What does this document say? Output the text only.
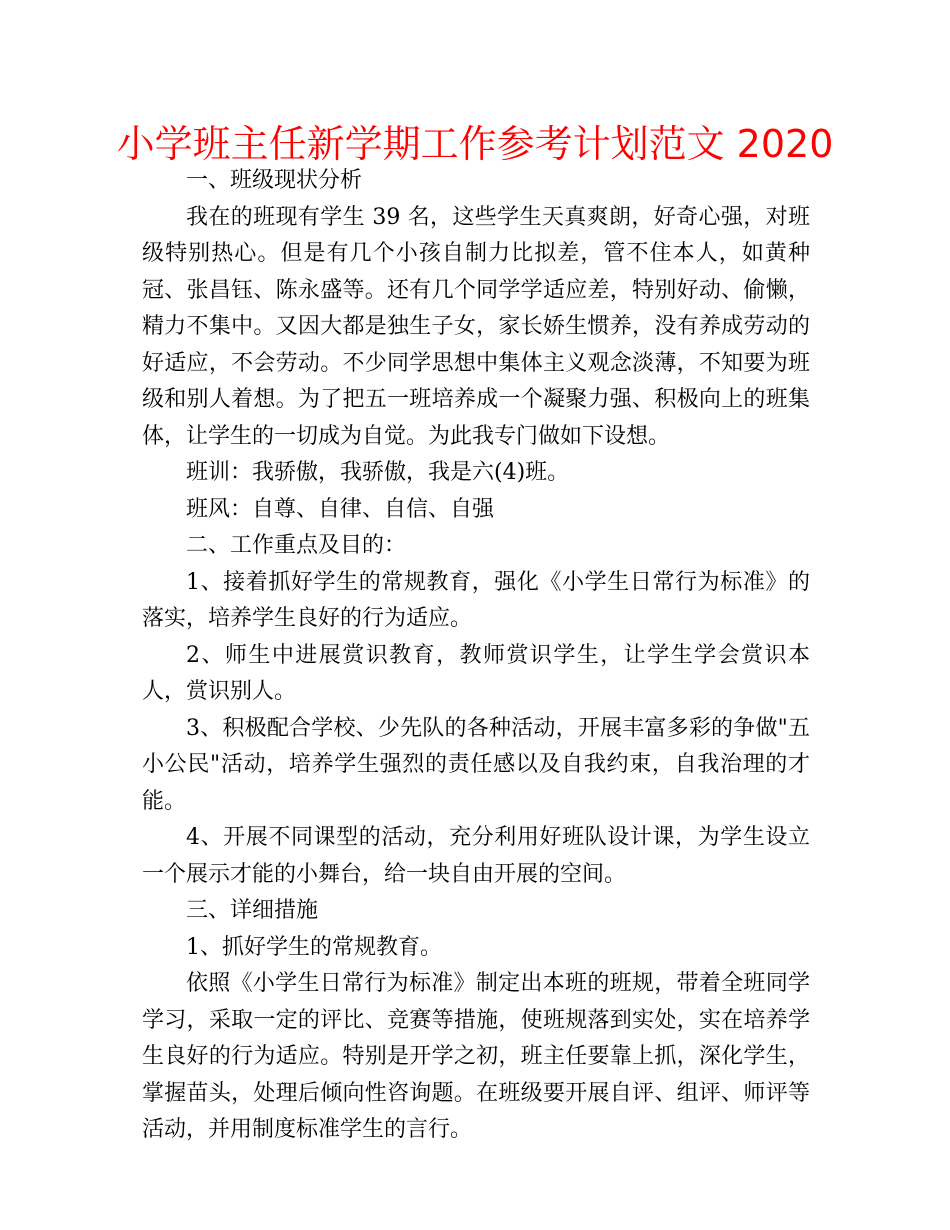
小学班主任新学期工作参考计划范文 2020

一、班级现状分析

我在的班现有学生 39 名，这些学生天真爽朗，好奇心强，对班级特别热心。但是有几个小孩自制力比拟差，管不住本人，如黄种冠、张昌钰、陈永盛等。还有几个同学学适应差，特别好动、偷懒，精力不集中。又因大都是独生子女，家长娇生惯养，没有养成劳动的好适应，不会劳动。不少同学思想中集体主义观念淡薄，不知要为班级和别人着想。为了把五一班培养成一个凝聚力强、积极向上的班集体，让学生的一切成为自觉。为此我专门做如下设想。

班训：我骄傲，我骄傲，我是六(4)班。

班风：自尊、自律、自信、自强

二、工作重点及目的：

1、接着抓好学生的常规教育，强化《小学生日常行为标准》的落实，培养学生良好的行为适应。

2、师生中进展赏识教育，教师赏识学生，让学生学会赏识本人，赏识别人。

3、积极配合学校、少先队的各种活动，开展丰富多彩的争做"五小公民"活动，培养学生强烈的责任感以及自我约束，自我治理的才能。

4、开展不同课型的活动，充分利用好班队设计课，为学生设立一个展示才能的小舞台，给一块自由开展的空间。

三、详细措施

1、抓好学生的常规教育。

依照《小学生日常行为标准》制定出本班的班规，带着全班同学学习，采取一定的评比、竞赛等措施，使班规落到实处，实在培养学生良好的行为适应。特别是开学之初，班主任要靠上抓，深化学生，掌握苗头，处理后倾向性咨询题。在班级要开展自评、组评、师评等活动，并用制度标准学生的言行。
